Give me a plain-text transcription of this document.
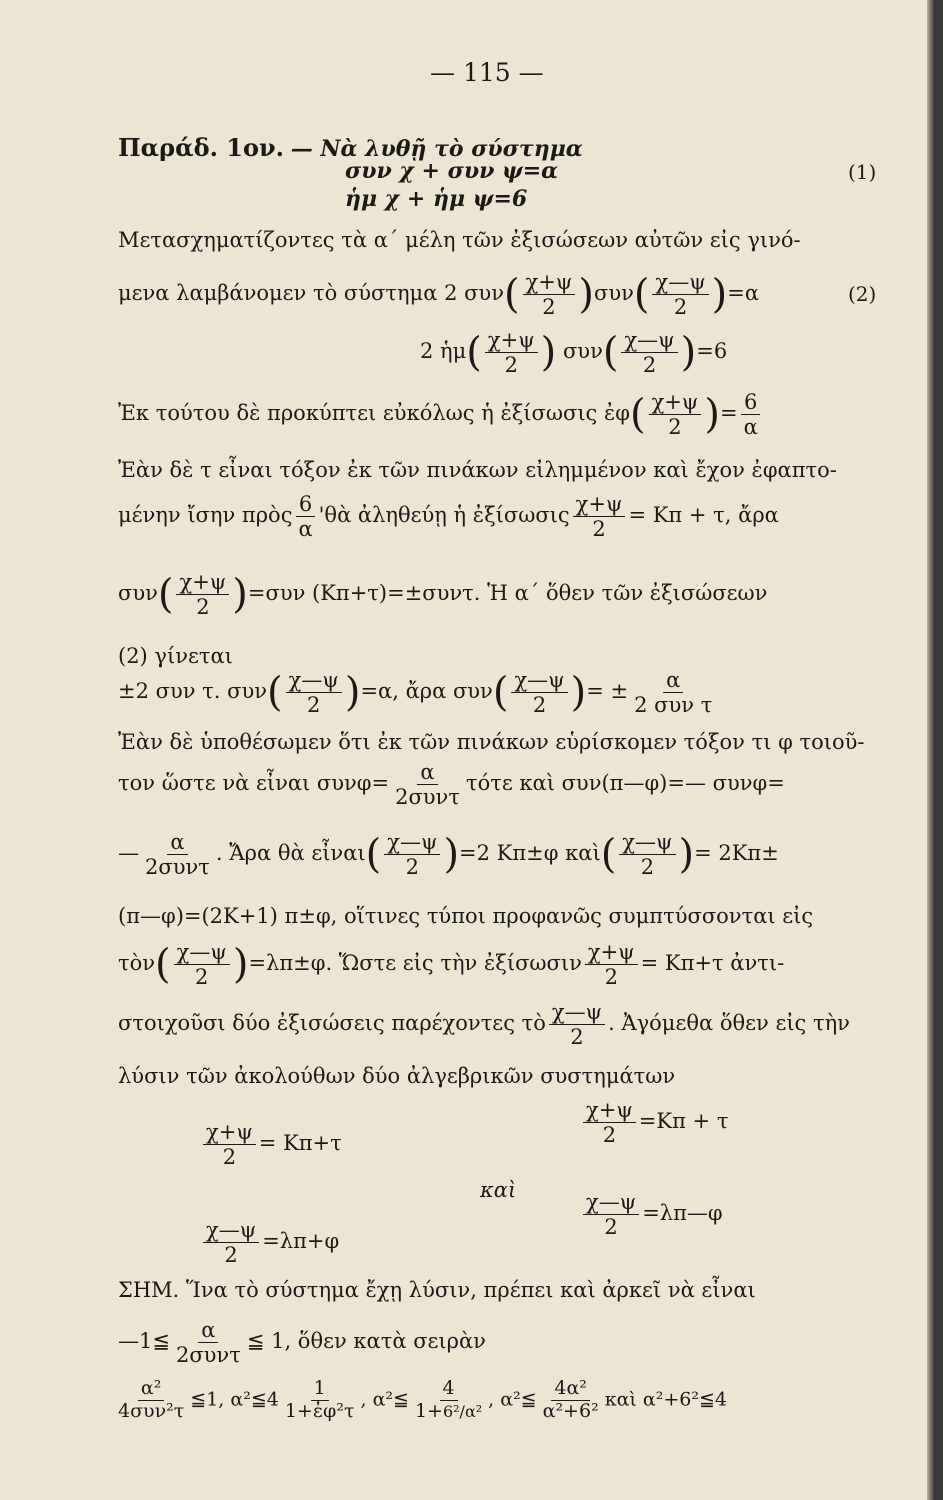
— 115 —
Παράδ. 1ον. — Νὰ λυθῇ τὸ σύστημα
συν χ + συν ψ=α	(1)
ἡμ χ + ἡμ ψ=6
Μετασχηματίζοντες τὰ α΄ μέλη τῶν ἐξισώσεων αὐτῶν εἰς γινό-
μενα λαμβάνομεν τὸ σύστημα 2 $\sigma\upsilon\nu( \frac{\chi+\psi}{2} )\sigma\upsilon\nu( \frac{\chi—\psi}{2} )=\alpha$	(2)
2 ἡμ( $\frac{\chi+\psi}{2}$ ) $\sigma\upsilon\nu( \frac{\chi—\psi}{2} )=6$
Ἐκ τούτου δὲ προκύπτει εὐκόλως ἡ ἐξίσωσις ἐφ( $\frac{\chi+\psi}{2}$ )= $\frac{6}{\alpha}$
Ἐὰν δὲ τ εἶναι τόξον ἐκ τῶν πινάκων εἰλημμένον καὶ ἔχον ἐφαπτο-
μένην ἴσην πρὸς $\frac{6}{\alpha}$ 'θὰ ἀληθεύῃ ἡ ἐξίσωσις $\frac{\chi+\psi}{2} = K\pi + \tau$, ἄρα
$\sigma\upsilon\nu( \frac{\chi+\psi}{2} )=\sigma\upsilon\nu$ (Kπ+τ)=±συντ. Ἡ α΄ ὅθεν τῶν ἐξισώσεων
(2) γίνεται
±2 συν τ. $\sigma\upsilon\nu( \frac{\chi—\psi}{2} )=\alpha$, ἄρα $\sigma\upsilon\nu( \frac{\chi—\psi}{2}$ )= ± $\frac{\alpha}{\text{2 συν τ}}$
Ἐὰν δὲ ὑποθέσωμεν ὅτι ἐκ τῶν πινάκων εὑρίσκομεν τόξον τι φ τοιοῦ-
τον ὥστε νὰ εἶναι $\sigma\upsilon\nu\varphi= \frac{\alpha}{\text{2συντ}}$ τότε καὶ συν(π—φ)=— συνφ=
— $\frac{\alpha}{\text{2συντ}}$ . Ἄρα θὰ εἶναι( $\frac{\chi—\psi}{2} )=2$ Kπ±φ καὶ( $\frac{\chi—\psi}{2}$ )= 2Kπ±
(π—φ)=(2K+1) π±φ, οἵτινες τύποι προφανῶς συμπτύσσονται εἰς
τὸν( $\frac{\chi—\psi}{2} )=\lambda\pi\pm\varphi$. Ὥστε εἰς τὴν ἐξίσωσιν $\frac{\chi+\psi}{2} = K\pi+\tau$ ἀντι-
στοιχοῦσι δύο ἐξισώσεις παρέχοντες τὸ $\frac{\chi—\psi}{2}$ . Ἀγόμεθα ὅθεν εἰς τὴν
λύσιν τῶν ἀκολούθων δύο ἀλγεβρικῶν συστημάτων
$\frac{\chi+\psi}{2} = K\pi+\tau$	$\frac{\chi+\psi}{2} =K\pi + \tau$
καὶ
$\frac{\chi—\psi}{2} =\lambda\pi+\varphi$
$\frac{\chi—\psi}{2}$ =λπ—φ
ΣΗΜ. Ἵνα τὸ σύστημα ἔχῃ λύσιν, πρέπει καὶ ἀρκεῖ νὰ εἶναι
—1≦ $\frac{\alpha}{\text{2συντ}}$ ≦ 1, ὅθεν κατὰ σειρὰν
$\frac{\text{α²}}{\text{4συν²τ}}$ ≦1, α²≦4 $\frac{1}{\text{1+ἐφ²τ}}$ , α²≦ $\frac{4}{\text{1+6²/α²}}$ , α²≦ $\frac{\text{4α²}}{\text{α²+6²}}$ καὶ α²+6²≦4
